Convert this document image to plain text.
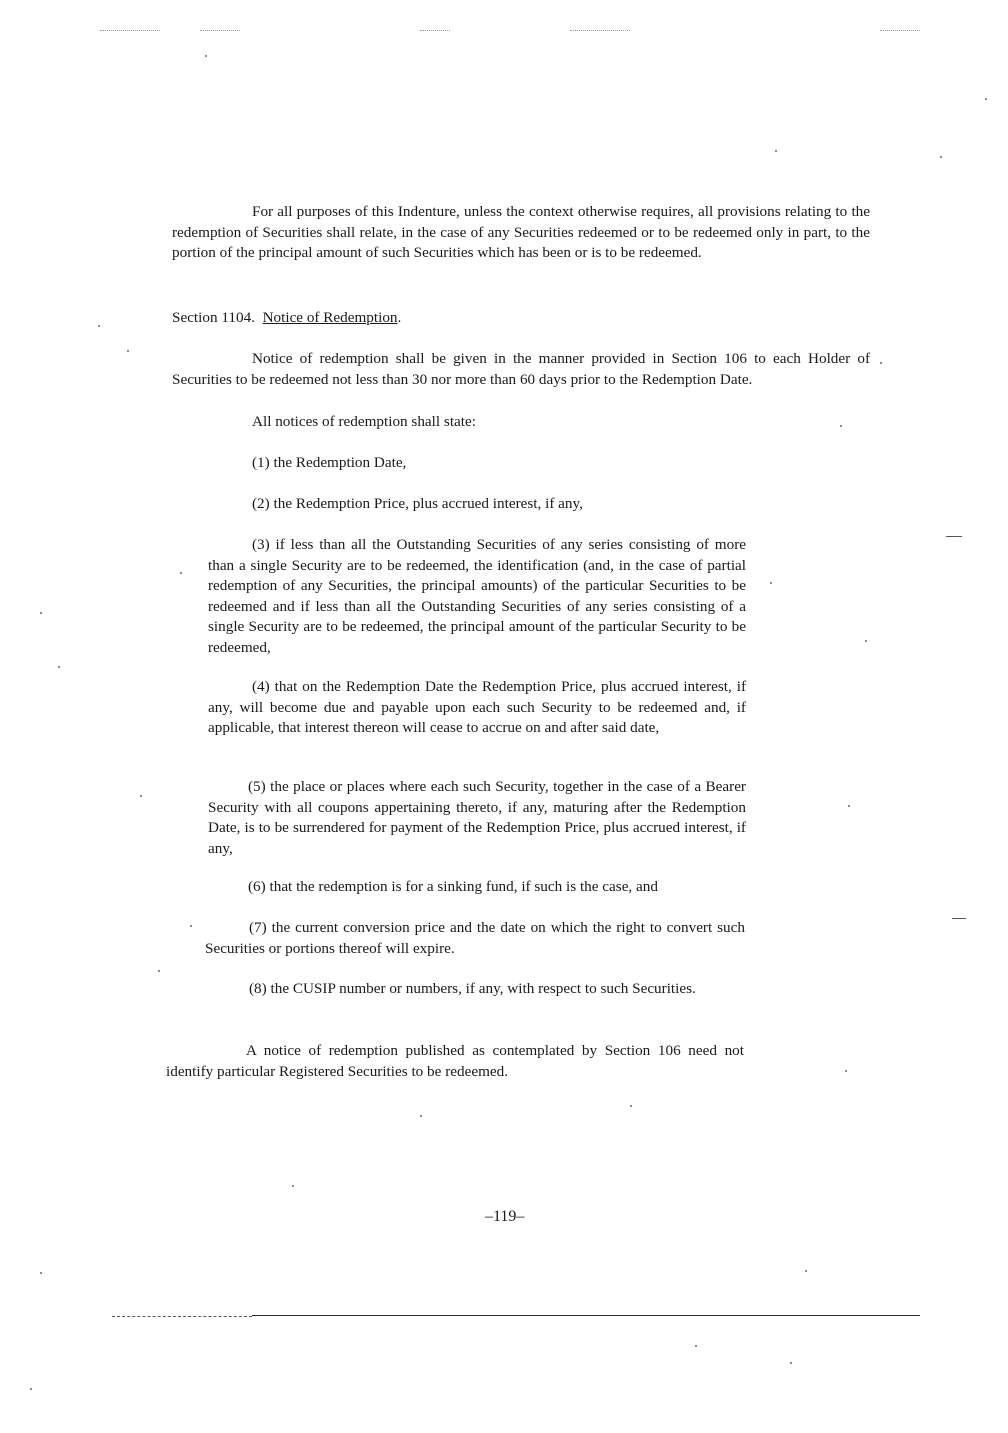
For all purposes of this Indenture, unless the context otherwise requires, all provisions relating to the redemption of Securities shall relate, in the case of any Securities redeemed or to be redeemed only in part, to the portion of the principal amount of such Securities which has been or is to be redeemed.

Section 1104. Notice of Redemption.

Notice of redemption shall be given in the manner provided in Section 106 to each Holder of Securities to be redeemed not less than 30 nor more than 60 days prior to the Redemption Date.

All notices of redemption shall state:

(1) the Redemption Date,

(2) the Redemption Price, plus accrued interest, if any,

(3) if less than all the Outstanding Securities of any series consisting of more than a single Security are to be redeemed, the identification (and, in the case of partial redemption of any Securities, the principal amounts) of the particular Securities to be redeemed and if less than all the Outstanding Securities of any series consisting of a single Security are to be redeemed, the principal amount of the particular Security to be redeemed,

(4) that on the Redemption Date the Redemption Price, plus accrued interest, if any, will become due and payable upon each such Security to be redeemed and, if applicable, that interest thereon will cease to accrue on and after said date,

(5) the place or places where each such Security, together in the case of a Bearer Security with all coupons appertaining thereto, if any, maturing after the Redemption Date, is to be surrendered for payment of the Redemption Price, plus accrued interest, if any,

(6) that the redemption is for a sinking fund, if such is the case, and

(7) the current conversion price and the date on which the right to convert such Securities or portions thereof will expire.

(8) the CUSIP number or numbers, if any, with respect to such Securities.

A notice of redemption published as contemplated by Section 106 need not identify particular Registered Securities to be redeemed.

–119–
